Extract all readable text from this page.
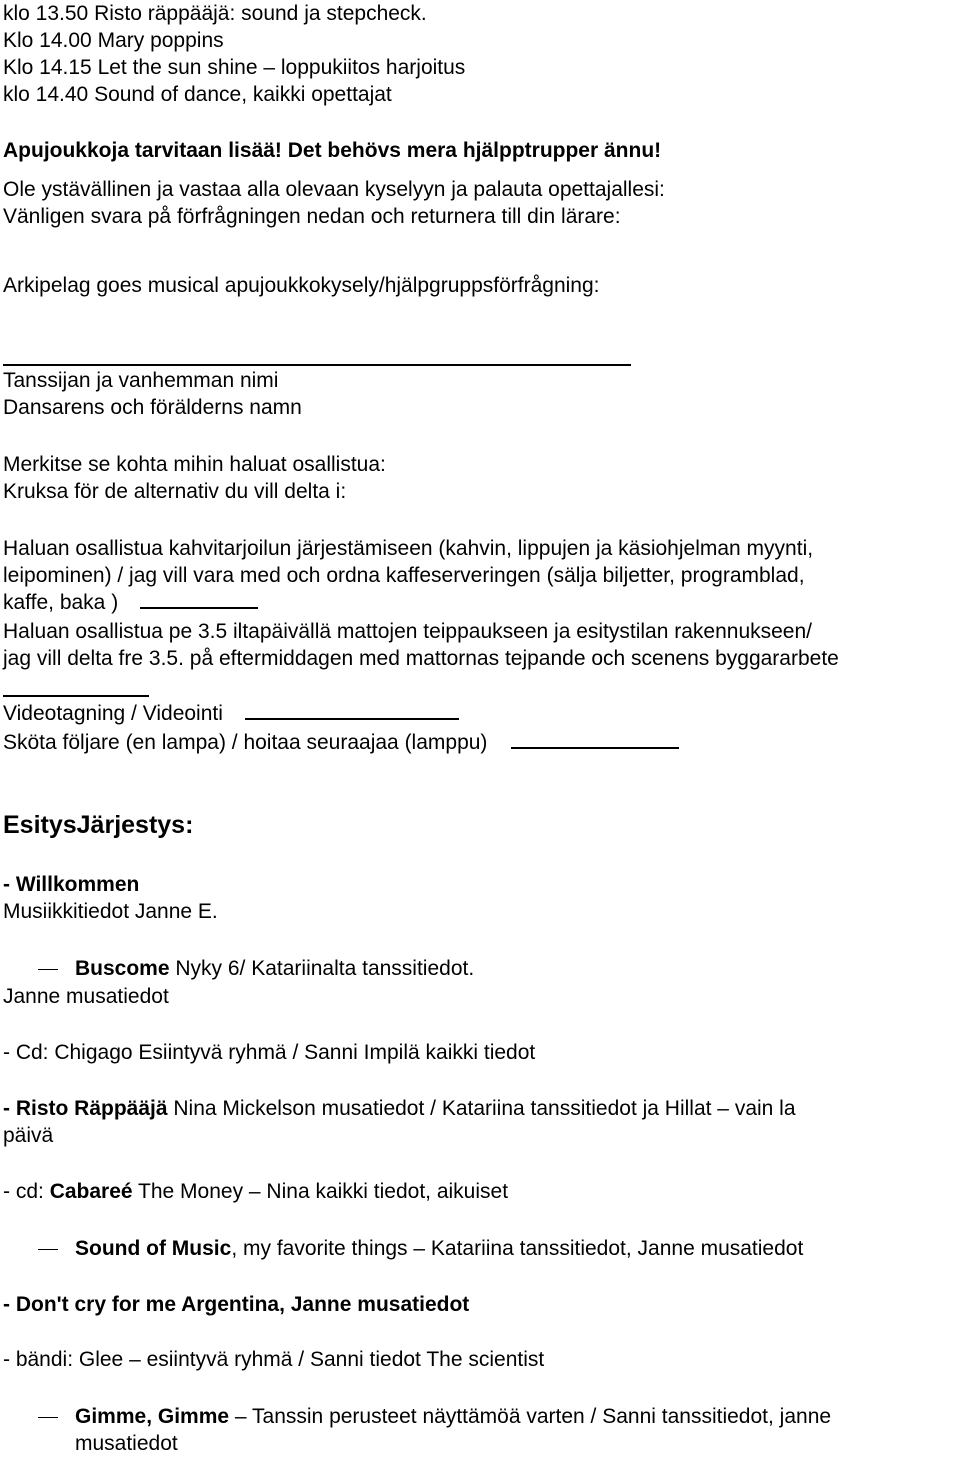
klo 13.50 Risto räppääjä: sound ja stepcheck.
Klo 14.00 Mary poppins
Klo 14.15 Let the sun shine – loppukiitos harjoitus
klo 14.40 Sound of dance, kaikki opettajat
Apujoukkoja tarvitaan lisää! Det behövs mera hjälpptrupper ännu!
Ole ystävällinen ja vastaa alla olevaan kyselyyn ja palauta opettajallesi:
Vänligen svara på förfrågningen nedan och returnera till din lärare:
Arkipelag goes musical apujoukkokysely/hjälpgruppsförfrågning:
Tanssijan ja vanhemman nimi
Dansarens och förälderns namn
Merkitse se kohta mihin haluat osallistua:
Kruksa för de alternativ du vill delta i:
Haluan osallistua kahvitarjoilun järjestämiseen (kahvin, lippujen ja käsiohjelman myynti,
leipominen) / jag vill vara med och ordna kaffeserveringen (sälja biljetter, programblad,
kaffe, baka )
Haluan osallistua pe 3.5 iltapäivällä mattojen teippaukseen ja esitystilan rakennukseen/
jag vill delta fre 3.5. på eftermiddagen med mattornas tejpande och scenens byggararbete
Videotagning / Videointi
Sköta följare (en lampa) / hoitaa seuraajaa (lamppu)
EsitysJärjestys:
- Willkommen
Musiikkitiedot Janne E.
Buscome Nyky 6/ Katariinalta tanssitiedot.
Janne musatiedot
- Cd: Chigago Esiintyvä ryhmä / Sanni Impilä kaikki tiedot
- Risto Räppääjä Nina Mickelson musatiedot / Katariina tanssitiedot ja Hillat – vain la
päivä
- cd: Cabareé The Money – Nina kaikki tiedot, aikuiset
Sound of Music, my favorite things – Katariina tanssitiedot, Janne musatiedot
- Don't cry for me Argentina, Janne musatiedot
- bändi: Glee – esiintyvä ryhmä / Sanni tiedot The scientist
Gimme, Gimme – Tanssin perusteet näyttämöä varten / Sanni tanssitiedot, janne
musatiedot
